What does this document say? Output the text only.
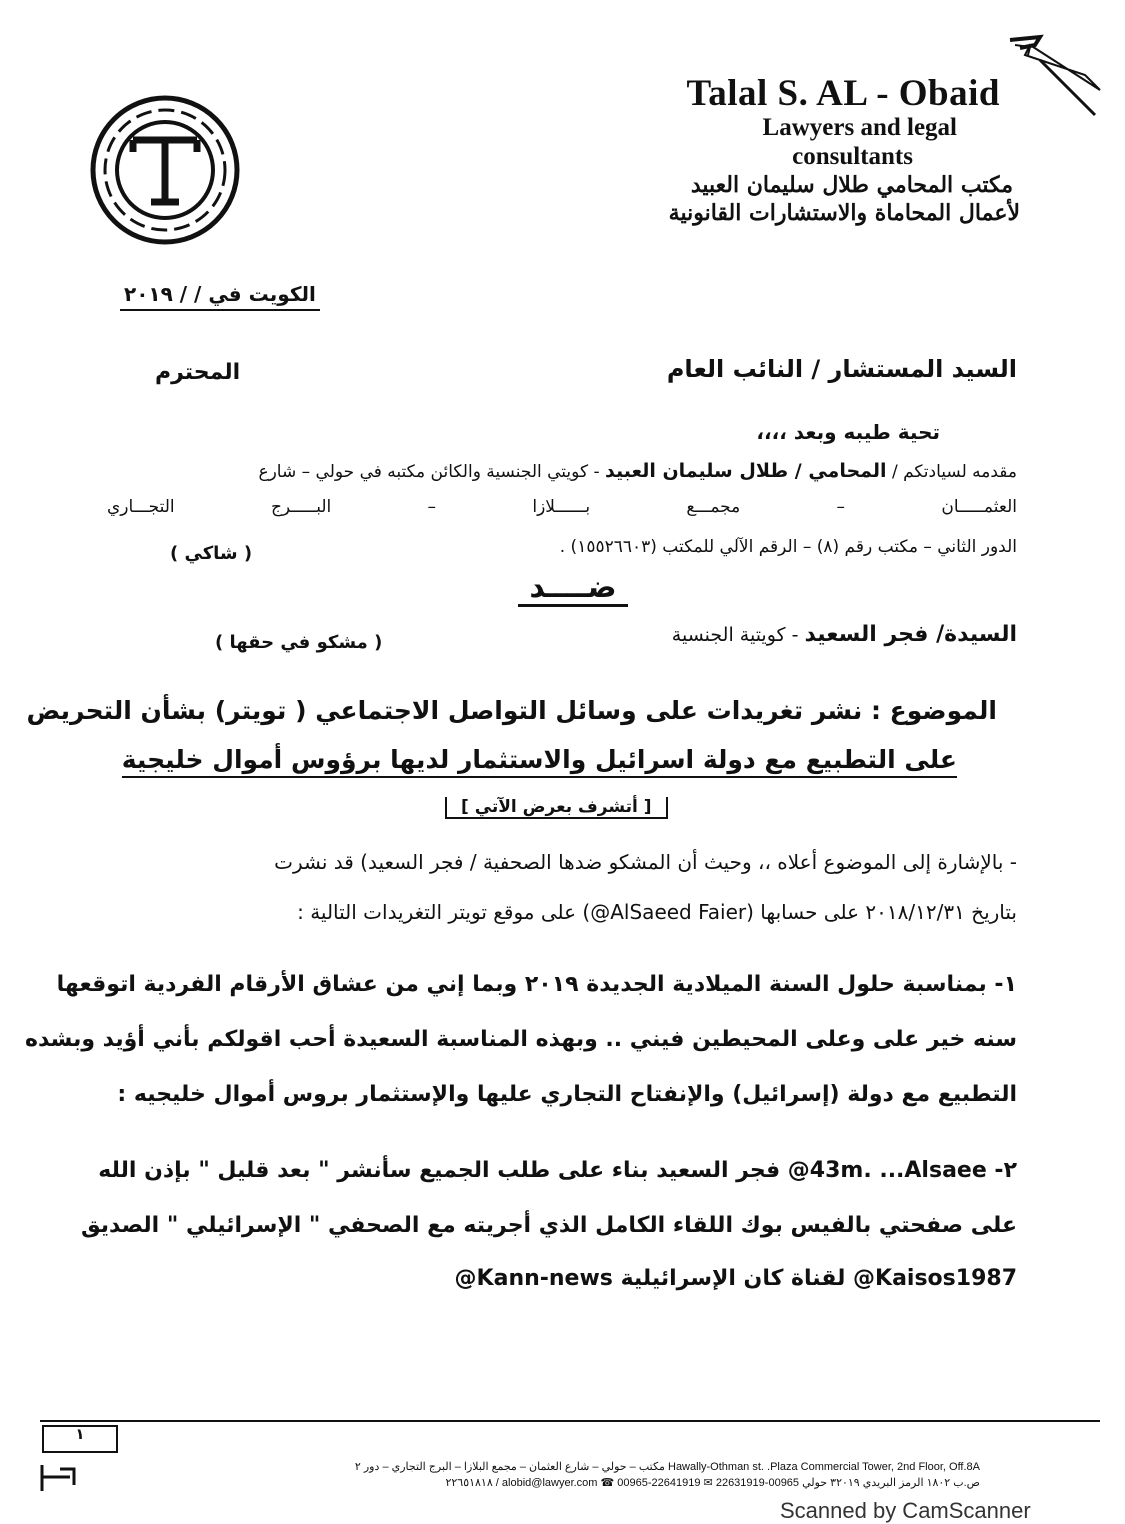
Talal S. AL - Obaid
Lawyers and legal
consultants
مكتب المحامي طلال سليمان العبيد
لأعمال المحاماة والاستشارات القانونية
الكويت في / / ٢٠١٩
السيد المستشار / النائب العام
المحترم
تحية طيبه وبعد ،،،،
مقدمه لسيادتكم / المحامي / طلال سليمان العبيد - كويتي الجنسية والكائن مكتبه في حولي – شارع
العثمـــــان – مجمـــع بــــــلازا – البـــــرج التجـــاري
الدور الثاني – مكتب رقم (٨) – الرقم الآلي للمكتب (١٥٥٢٦٦٠٣) .
( شاكي )
ضــــد
السيدة/ فجر السعيد - كويتية الجنسية
( مشكو في حقها )
الموضوع : نشر تغريدات على وسائل التواصل الاجتماعي ( تويتر) بشأن التحريض
على التطبيع مع دولة اسرائيل والاستثمار لديها برؤوس أموال خليجية
[ أتشرف بعرض الآتي ]
- بالإشارة إلى الموضوع أعلاه ،، وحيث أن المشكو ضدها الصحفية / فجر السعيد) قد نشرت
بتاريخ ٢٠١٨/١٢/٣١ على حسابها (AlSaeed Faier@) على موقع تويتر التغريدات التالية :
١- بمناسبة حلول السنة الميلادية الجديدة ٢٠١٩ وبما إني من عشاق الأرقام الفردية اتوقعها
سنه خير على وعلى المحيطين فيني .. وبهذه المناسبة السعيدة أحب اقولكم بأني أؤيد وبشده
التطبيع مع دولة (إسرائيل) والإنفتاح التجاري عليها والإستثمار بروس أموال خليجيه :
٢- 43m. ...Alsaee@ فجر السعيد بناء على طلب الجميع سأنشر " بعد قليل " بإذن الله
على صفحتي بالفيس بوك اللقاء الكامل الذي أجريته مع الصحفي " الإسرائيلي " الصديق
Kaisos1987@ لقناة كان الإسرائيلية Kann-news@
١
Hawally-Othman st. .Plaza Commercial Tower, 2nd Floor, Off.8A مكتب – حولي – شارع العثمان – مجمع البلازا – البرج التجاري – دور ٢
ص.ب ١٨٠٢ الرمز البريدي ٣٢٠١٩ حولي 00965-22631919 ✉ alobid@lawyer.com ☎ 00965-22641919 / ٢٢٦٥١٨١٨
Scanned by CamScanner
